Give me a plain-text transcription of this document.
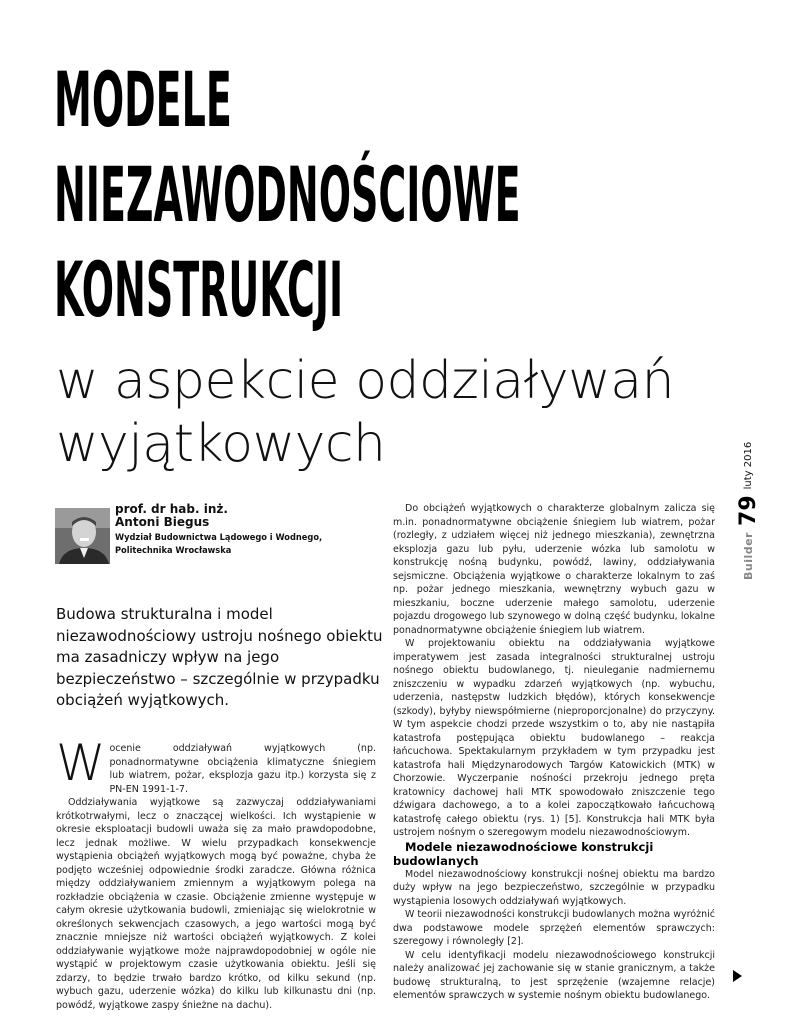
MODELE
NIEZAWODNOŚCIOWE
KONSTRUKCJI
w aspekcie oddziaływań
wyjątkowych
Builder
79
luty 2016

prof. dr hab. inż.

Antoni Biegus

Wydział Budownictwa Lądowego i Wodnego,

Politechnika Wrocławska

Budowa strukturalna i model niezawodnościowy ustroju nośnego obiektu ma zasadniczy wpływ na jego bezpieczeństwo – szczególnie w przypadku obciążeń wyjątkowych.

Wocenie oddziaływań wyjątkowych (np. ponadnormatywne obciążenia klimatyczne śniegiem lub wiatrem, pożar, eksplozja gazu itp.) korzysta się z PN-EN 1991-1-7.

Oddziaływania wyjątkowe są zazwyczaj oddziaływaniami krótkotrwałymi, lecz o znaczącej wielkości. Ich wystąpienie w okresie eksploatacji budowli uważa się za mało prawdopodobne, lecz jednak możliwe. W wielu przypadkach konsekwencje wystąpienia obciążeń wyjątkowych mogą być poważne, chyba że podjęto wcześniej odpowiednie środki zaradcze. Główna różnica między oddziaływaniem zmiennym a wyjątkowym polega na rozkładzie obciążenia w czasie. Obciążenie zmienne występuje w całym okresie użytkowania budowli, zmieniając się wielokrotnie w określonych sekwencjach czasowych, a jego wartości mogą być znacznie mniejsze niż wartości obciążeń wyjątkowych. Z kolei oddziaływanie wyjątkowe może najprawdopodobniej w ogóle nie wystąpić w projektowym czasie użytkowania obiektu. Jeśli się zdarzy, to będzie trwało bardzo krótko, od kilku sekund (np. wybuch gazu, uderzenie wózka) do kilku lub kilkunastu dni (np. powódź, wyjątkowe zaspy śnieżne na dachu).

Do obciążeń wyjątkowych o charakterze globalnym zalicza się m.in. ponadnormatywne obciążenie śniegiem lub wiatrem, pożar (rozległy, z udziałem więcej niż jednego mieszkania), zewnętrzna eksplozja gazu lub pyłu, uderzenie wózka lub samolotu w konstrukcję nośną budynku, powódź, lawiny, oddziaływania sejsmiczne. Obciążenia wyjątkowe o charakterze lokalnym to zaś np. pożar jednego mieszkania, wewnętrzny wybuch gazu w mieszkaniu, boczne uderzenie małego samolotu, uderzenie pojazdu drogowego lub szynowego w dolną część budynku, lokalne ponadnormatywne obciążenie śniegiem lub wiatrem.

W projektowaniu obiektu na oddziaływania wyjątkowe imperatywem jest zasada integralności strukturalnej ustroju nośnego obiektu budowlanego, tj. nieuleganie nadmiernemu zniszczeniu w wypadku zdarzeń wyjątkowych (np. wybuchu, uderzenia, następstw ludzkich błędów), których konsekwencje (szkody), byłyby niewspółmierne (nieproporcjonalne) do przyczyny. W tym aspekcie chodzi przede wszystkim o to, aby nie nastąpiła katastrofa postępująca obiektu budowlanego – reakcja łańcuchowa. Spektakularnym przykładem w tym przypadku jest katastrofa hali Międzynarodowych Targów Katowickich (MTK) w Chorzowie. Wyczerpanie nośności przekroju jednego pręta kratownicy dachowej hali MTK spowodowało zniszczenie tego dźwigara dachowego, a to a kolei zapoczątkowało łańcuchową katastrofę całego obiektu (rys. 1) [5]. Konstrukcja hali MTK była ustrojem nośnym o szeregowym modelu niezawodnościowym.

Modele niezawodnościowe konstrukcji budowlanych

Model niezawodnościowy konstrukcji nośnej obiektu ma bardzo duży wpływ na jego bezpieczeństwo, szczególnie w przypadku wystąpienia losowych oddziaływań wyjątkowych.

W teorii niezawodności konstrukcji budowlanych można wyróżnić dwa podstawowe modele sprzężeń elementów sprawczych: szeregowy i równoległy [2].

W celu identyfikacji modelu niezawodnościowego konstrukcji należy analizować jej zachowanie się w stanie granicznym, a także budowę strukturalną, to jest sprzężenie (wzajemne relacje) elementów sprawczych w systemie nośnym obiektu budowlanego.
